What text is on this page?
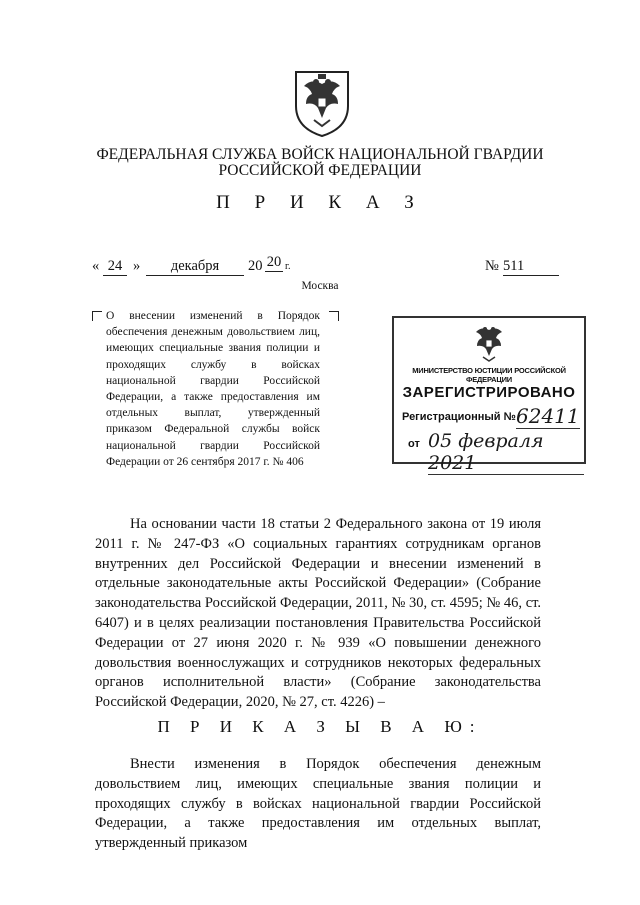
ФЕДЕРАЛЬНАЯ СЛУЖБА ВОЙСК НАЦИОНАЛЬНОЙ ГВАРДИИ
РОССИЙСКОЙ ФЕДЕРАЦИИ
П Р И К А З
« 24 »	декабря	20 20 г.	№ 511
Москва
О внесении изменений в Порядок обеспечения денежным довольствием лиц, имеющих специальные звания полиции и проходящих службу в войсках национальной гвардии Российской Федерации, а также предоставления им отдельных выплат, утвержденный приказом Федеральной службы войск национальной гвардии Российской Федерации от 26 сентября 2017 г. № 406
МИНИСТЕРСТВО ЮСТИЦИИ РОССИЙСКОЙ ФЕДЕРАЦИИ
ЗАРЕГИСТРИРОВАНО
Регистрационный № 62411
от 05 февраля 2021
На основании части 18 статьи 2 Федерального закона от 19 июля 2011 г. № 247-ФЗ «О социальных гарантиях сотрудникам органов внутренних дел Российской Федерации и внесении изменений в отдельные законодательные акты Российской Федерации» (Собрание законодательства Российской Федерации, 2011, № 30, ст. 4595; № 46, ст. 6407) и в целях реализации постановления Правительства Российской Федерации от 27 июня 2020 г. № 939 «О повышении денежного довольствия военнослужащих и сотрудников некоторых федеральных органов исполнительной власти» (Собрание законодательства Российской Федерации, 2020, № 27, ст. 4226) –
П Р И К А З Ы В А Ю:
Внести изменения в Порядок обеспечения денежным довольствием лиц, имеющих специальные звания полиции и проходящих службу в войсках национальной гвардии Российской Федерации, а также предоставления им отдельных выплат, утвержденный приказом
